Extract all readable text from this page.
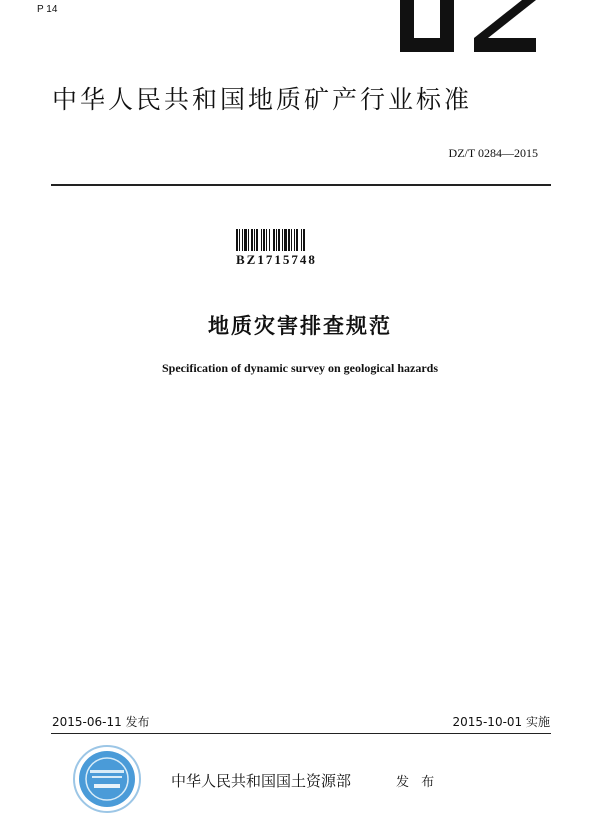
P 14
中华人民共和国地质矿产行业标准
DZ/T 0284—2015
BZ1715748
地质灾害排查规范
Specification of dynamic survey on geological hazards
2015-06-11 发布	2015-10-01 实施
中华人民共和国国土资源部	发 布
